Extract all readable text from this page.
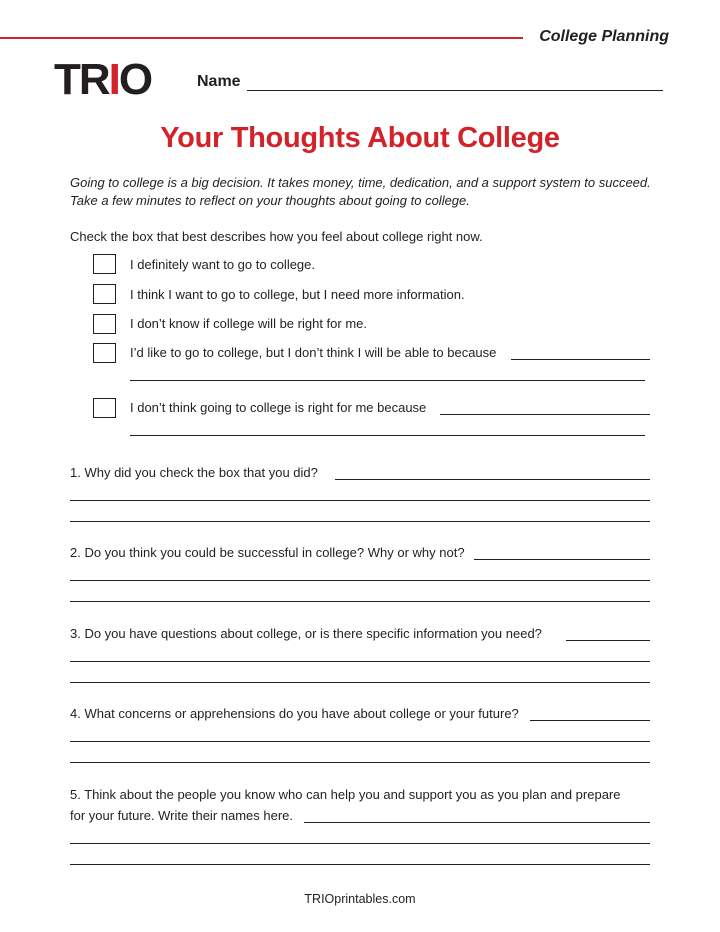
College Planning
TRIO	Name
Your Thoughts About College

Going to college is a big decision. It takes money, time, dedication, and a support system to succeed.

Take a few minutes to reflect on your thoughts about going to college.

Check the box that best describes how you feel about college right now.
I definitely want to go to college.
I think I want to go to college, but I need more information.
I don’t know if college will be right for me.
I’d like to go to college, but I don’t think I will be able to because
I don’t think going to college is right for me because
1. Why did you check the box that you did?
2. Do you think you could be successful in college? Why or why not?
3. Do you have questions about college, or is there specific information you need?
4. What concerns or apprehensions do you have about college or your future?
5. Think about the people you know who can help you and support you as you plan and prepare
for your future. Write their names here.
TRIOprintables.com
